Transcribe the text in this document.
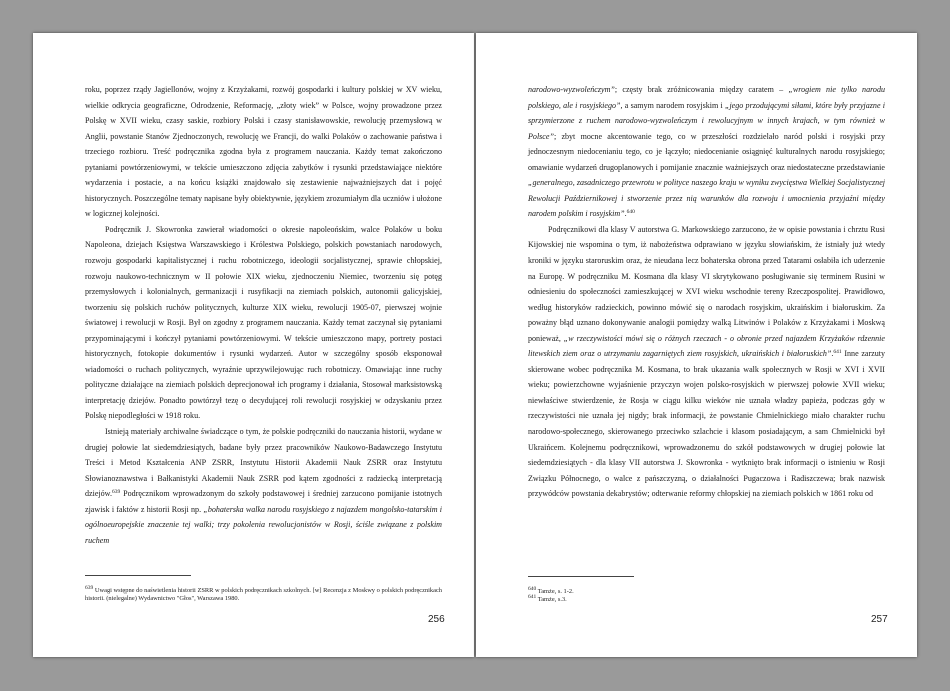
roku, poprzez rządy Jagiellonów, wojny z Krzyżakami, rozwój gospodarki i kultury polskiej w XV wieku, wielkie odkrycia geograficzne, Odrodzenie, Reformację, „złoty wiek” w Polsce, wojny prowadzone przez Polskę w XVII wieku, czasy saskie, rozbiory Polski i czasy stanisławowskie, rewolucję przemysłową w Anglii, powstanie Stanów Zjednoczonych, rewolucję we Francji, do walki Polaków o zachowanie państwa i trzeciego rozbioru. Treść podręcznika zgodna była z programem nauczania. Każdy temat zakończono pytaniami powtórzeniowymi, w tekście umieszczono zdjęcia zabytków i rysunki przedstawiające niektóre wydarzenia i postacie, a na końcu książki znajdowało się zestawienie najważniejszych dat i pojęć historycznych. Poszczególne tematy napisane były obiektywnie, językiem zrozumiałym dla uczniów i ułożone w logicznej kolejności.

Podręcznik J. Skowronka zawierał wiadomości o okresie napoleońskim, walce Polaków u boku Napoleona, dziejach Księstwa Warszawskiego i Królestwa Polskiego, polskich powstaniach narodowych, rozwoju gospodarki kapitalistycznej i ruchu robotniczego, ideologii socjalistycznej, sprawie chłopskiej, rozwoju naukowo-technicznym w II połowie XIX wieku, zjednoczeniu Niemiec, tworzeniu się potęg przemysłowych i kolonialnych, germanizacji i rusyfikacji na ziemiach polskich, autonomii galicyjskiej, tworzeniu się polskich ruchów politycznych, kulturze XIX wieku, rewolucji 1905-07, pierwszej wojnie światowej i rewolucji w Rosji. Był on zgodny z programem nauczania. Każdy temat zaczynał się pytaniami przypominającymi i kończył pytaniami powtórzeniowymi. W tekście umieszczono mapy, portrety postaci historycznych, fotokopie dokumentów i rysunki wydarzeń. Autor w szczególny sposób eksponował wiadomości o ruchach politycznych, wyraźnie uprzywilejowując ruch robotniczy. Omawiając inne ruchy polityczne działające na ziemiach polskich deprecjonował ich programy i działania, Stosował marksistowską interpretację dziejów. Ponadto powtórzył tezę o decydującej roli rewolucji rosyjskiej w odzyskaniu przez Polskę niepodległości w 1918 roku.

Istnieją materiały archiwalne świadczące o tym, że polskie podręczniki do nauczania historii, wydane w drugiej połowie lat siedemdziesiątych, badane były przez pracowników Naukowo-Badawczego Instytutu Treści i Metod Kształcenia ANP ZSRR, Instytutu Historii Akademii Nauk ZSRR oraz Instytutu Słowianoznawstwa i Bałkanistyki Akademii Nauk ZSRR pod kątem zgodności z radziecką interpretacją dziejów.$^{639}$ Podręcznikom wprowadzonym do szkoły podstawowej i średniej zarzucono pomijanie istotnych zjawisk i faktów z historii Rosji np. „bohaterska walka narodu rosyjskiego z najazdem mongolsko-tatarskim i ogólnoeuropejskie znaczenie tej walki; trzy pokolenia rewolucjonistów w Rosji, ściśle związane z polskim ruchem

$^{639}$ Uwagi wstępne do naświetlenia historii ZSRR w polskich podręcznikach szkolnych. [w] Recenzja z Moskwy o polskich podręcznikach historii. (nielegalne) Wydawnictwo "Głos", Warszawa 1980.

256

narodowo-wyzwoleńczym”; częsty brak zróżnicowania między caratem – „wrogiem nie tylko narodu polskiego, ale i rosyjskiego”, a samym narodem rosyjskim i „jego przodującymi siłami, które były przyjazne i sprzymierzone z ruchem narodowo-wyzwoleńczym i rewolucyjnym w innych krajach, w tym również w Polsce”; zbyt mocne akcentowanie tego, co w przeszłości rozdzielało naród polski i rosyjski przy jednoczesnym niedocenianiu tego, co je łączyło; niedocenianie osiągnięć kulturalnych narodu rosyjskiego; omawianie wydarzeń drugoplanowych i pomijanie znacznie ważniejszych oraz niedostateczne przedstawianie „generalnego, zasadniczego przewrotu w polityce naszego kraju w wyniku zwycięstwa Wielkiej Socjalistycznej Rewolucji Październikowej i stworzenie przez nią warunków dla rozwoju i umocnienia przyjaźni między narodem polskim i rosyjskim”.$^{640}$

Podręcznikowi dla klasy V autorstwa G. Markowskiego zarzucono, że w opisie powstania i chrztu Rusi Kijowskiej nie wspomina o tym, iż nabożeństwa odprawiano w języku słowiańskim, że istniały już wtedy kroniki w języku staroruskim oraz, że nieudana lecz bohaterska obrona przed Tatarami osłabiła ich uderzenie na Europę. W podręczniku M. Kosmana dla klasy VI skrytykowano posługiwanie się terminem Rusini w odniesieniu do społeczności zamieszkującej w XVI wieku wschodnie tereny Rzeczpospolitej. Prawidłowo, według historyków radzieckich, powinno mówić się o narodach rosyjskim, ukraińskim i białoruskim. Za poważny błąd uznano dokonywanie analogii pomiędzy walką Litwinów i Polaków z Krzyżakami i Moskwą ponieważ, „w rzeczywistości mówi się o różnych rzeczach - o obronie przed najazdem Krzyżaków rdzennie litewskich ziem oraz o utrzymaniu zagarniętych ziem rosyjskich, ukraińskich i białoruskich”.$^{641}$ Inne zarzuty skierowane wobec podręcznika M. Kosmana, to brak ukazania walk społecznych w Rosji w XVI i XVII wieku; powierzchowne wyjaśnienie przyczyn wojen polsko-rosyjskich w pierwszej połowie XVII wieku; niewłaściwe stwierdzenie, że Rosja w ciągu kilku wieków nie uznała władzy papieża, podczas gdy w rzeczywistości nie uznała jej nigdy; brak informacji, że powstanie Chmielnickiego miało charakter ruchu narodowo-społecznego, skierowanego przeciwko szlachcie i klasom posiadającym, a sam Chmielnicki był Ukraińcem. Kolejnemu podręcznikowi, wprowadzonemu do szkół podstawowych w drugiej połowie lat siedemdziesiątych - dla klasy VII autorstwa J. Skowronka - wytknięto brak informacji o istnieniu w Rosji Związku Północnego, o walce z pańszczyzną, o działalności Pugaczowa i Radiszczewa; brak nazwisk przywódców powstania dekabrystów; odterwanie reformy chłopskiej na ziemiach polskich w 1861 roku od

$^{640}$ Tamże, s. 1-2.

$^{641}$ Tamże, s.3.

257
